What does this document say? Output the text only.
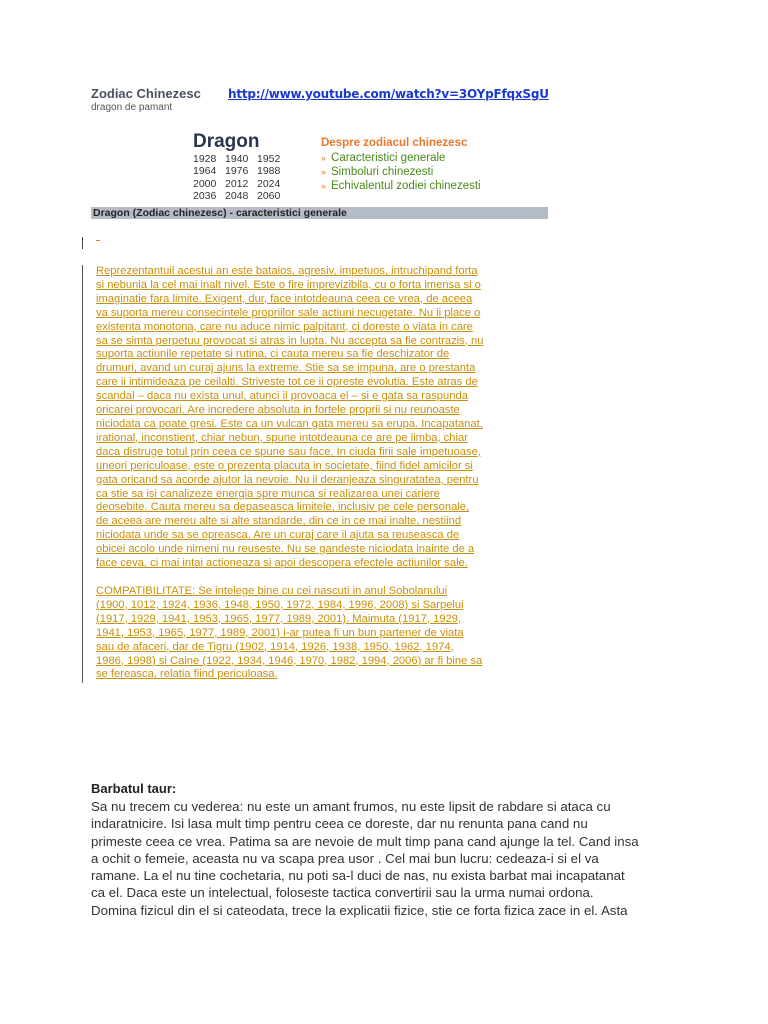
Zodiac Chinezesc http://www.youtube.com/watch?v=3OYpFfqxSgU
dragon de pamant
Dragon
1928 1940 1952
1964 1976 1988
2000 2012 2024
2036 2048 2060
Despre zodiacul chinezesc
» Caracteristici generale
» Simboluri chinezesti
» Echivalentul zodiei chinezesti
Dragon (Zodiac chinezesc) - caracteristici generale
Reprezentantuil acestui an este bataios, agresiv, impetuos, intruchipand forta
si nebunia la cel mai inalt nivel. Este o fire imprevizibila, cu o forta imensa si o
imaginatie fara limite. Exigent, dur, face intotdeauna ceea ce vrea, de aceea
va suporta mereu consecintele propriilor sale actiuni necugetate. Nu ii place o
existenta monotona, care nu aduce nimic palpitant, ci doreste o viata in care
sa se simta perpetuu provocat si atras in lupta. Nu accepta sa fie contrazis, nu
suporta actiunile repetate si rutina, ci cauta mereu sa fie deschizator de
drumuri, avand un curaj ajuns la extreme. Stie sa se impuna, are o prestanta
care ii intimideaza pe ceilalti. Striveste tot ce ii opreste evolutia. Este atras de
scandal – daca nu exista unul, atunci il provoaca el – si e gata sa raspunda
oricarei provocari. Are incredere absoluta in fortele proprii si nu reunoaste
niciodata ca poate gresi. Este ca un vulcan gata mereu sa erupa. Incapatanat,
irational, inconstient, chiar nebun, spune intotdeauna ce are pe limba, chiar
daca distruge totul prin ceea ce spune sau face. In ciuda firii sale impetuoase,
uneori periculoase, este o prezenta placuta in societate, fiind fidel amicilor si
gata oricand sa acorde ajutor la nevoie. Nu il deranjeaza singuratatea, pentru
ca stie sa isi canalizeze energia spre munca si realizarea unei cariere
deosebite. Cauta mereu sa depaseasca limitele, inclusiv pe cele personale,
de aceea are mereu alte si alte standarde, din ce in ce mai inalte, nestiind
niciodata unde sa se opreasca. Are un curaj care il ajuta sa reuseasca de
obicei acolo unde nimeni nu reuseste. Nu se gandeste niciodata inainte de a
face ceva, ci mai intai actioneaza si apoi descopera efectele actiunilor sale.
COMPATIBILITATE: Se intelege bine cu cei nascuti in anul Sobolanului
(1900, 1012, 1924, 1936, 1948, 1950, 1972, 1984, 1996, 2008) si Sarpelui
(1917, 1929, 1941, 1953, 1965, 1977, 1989, 2001). Maimuta (1917, 1929,
1941, 1953, 1965, 1977, 1989, 2001) i-ar putea fi un bun partener de viata
sau de afaceri, dar de Tigru (1902, 1914, 1926, 1938, 1950, 1962, 1974,
1986, 1998) si Caine (1922, 1934, 1946, 1970, 1982, 1994, 2006) ar fi bine sa
se fereasca, relatia fiind periculoasa.
Barbatul taur:
Sa nu trecem cu vederea: nu este un amant frumos, nu este lipsit de rabdare si ataca cu
indaratnicire. Isi lasa mult timp pentru ceea ce doreste, dar nu renunta pana cand nu
primeste ceea ce vrea. Patima sa are nevoie de mult timp pana cand ajunge la tel. Cand insa
a ochit o femeie, aceasta nu va scapa prea usor . Cel mai bun lucru: cedeaza-i si el va
ramane. La el nu tine cochetaria, nu poti sa-l duci de nas, nu exista barbat mai incapatanat
ca el. Daca este un intelectual, foloseste tactica convertirii sau la urma numai ordona.
Domina fizicul din el si cateodata, trece la explicatii fizice, stie ce forta fizica zace in el. Asta
